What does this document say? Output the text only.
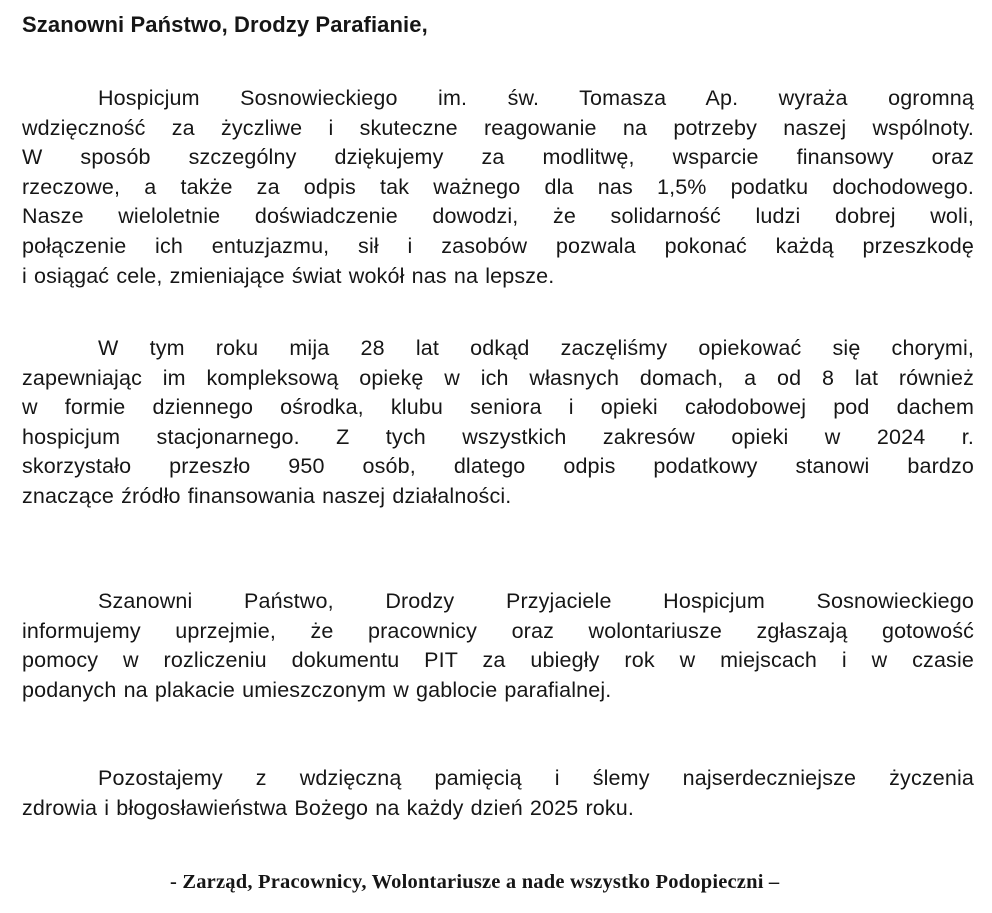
Szanowni Państwo, Drodzy Parafianie,
Hospicjum Sosnowieckiego im. św. Tomasza Ap. wyraża ogromną
wdzięczność za życzliwe i skuteczne reagowanie na potrzeby naszej wspólnoty.
W sposób szczególny dziękujemy za modlitwę, wsparcie finansowy oraz
rzeczowe, a także za odpis tak ważnego dla nas 1,5% podatku dochodowego.
Nasze wieloletnie doświadczenie dowodzi, że solidarność ludzi dobrej woli,
połączenie ich entuzjazmu, sił i zasobów pozwala pokonać każdą przeszkodę
i osiągać cele, zmieniające świat wokół nas na lepsze.
W tym roku mija 28 lat odkąd zaczęliśmy opiekować się chorymi,
zapewniając im kompleksową opiekę w ich własnych domach, a od 8 lat również
w formie dziennego ośrodka, klubu seniora i opieki całodobowej pod dachem
hospicjum stacjonarnego. Z tych wszystkich zakresów opieki w 2024 r.
skorzystało przeszło 950 osób, dlatego odpis podatkowy stanowi bardzo
znaczące źródło finansowania naszej działalności.
Szanowni Państwo, Drodzy Przyjaciele Hospicjum Sosnowieckiego
informujemy uprzejmie, że pracownicy oraz wolontariusze zgłaszają gotowość
pomocy w rozliczeniu dokumentu PIT za ubiegły rok w miejscach i w czasie
podanych na plakacie umieszczonym w gablocie parafialnej.
Pozostajemy z wdzięczną pamięcią i ślemy najserdeczniejsze życzenia
zdrowia i błogosławieństwa Bożego na każdy dzień 2025 roku.
- Zarząd, Pracownicy, Wolontariusze a nade wszystko Podopieczni –
